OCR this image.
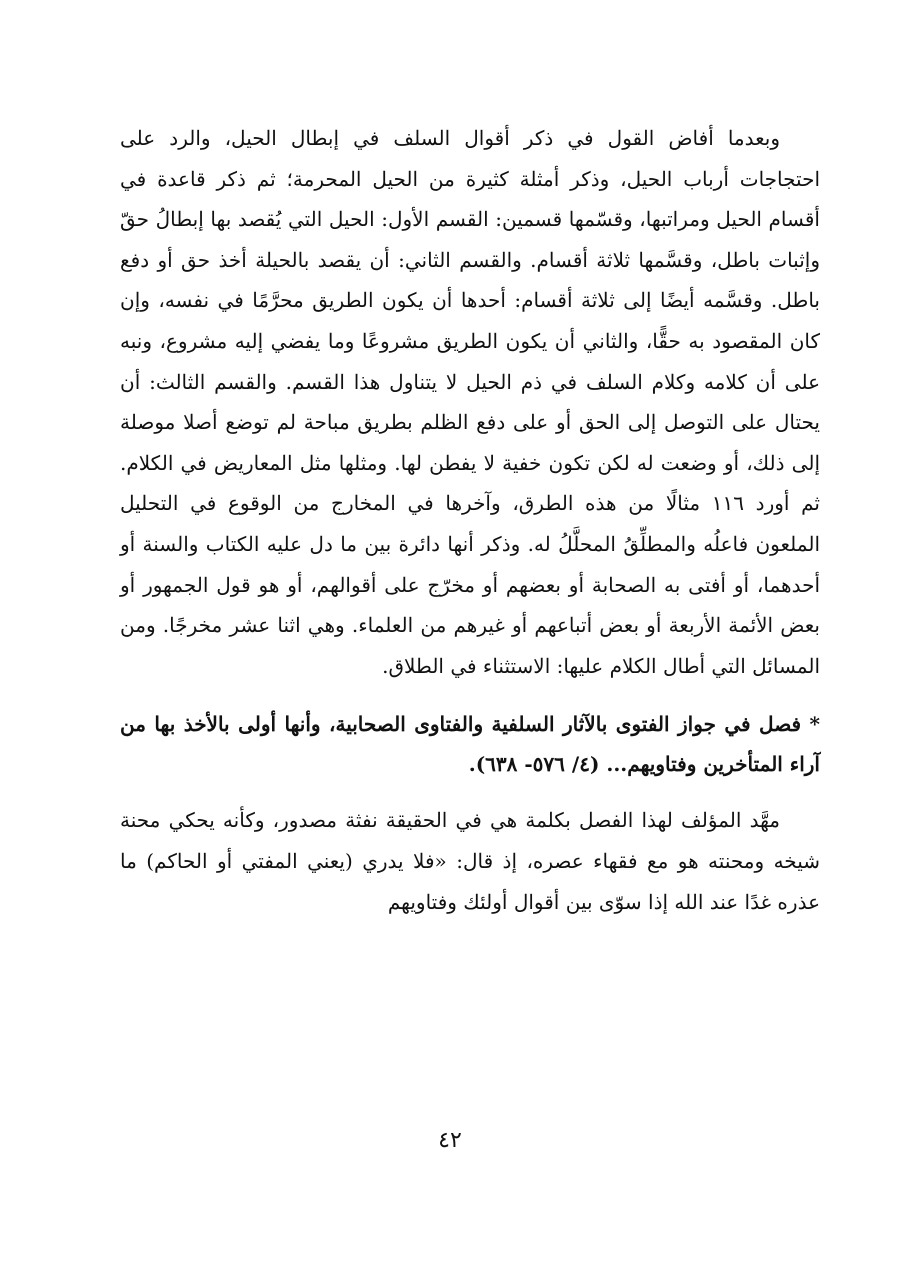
وبعدما أفاض القول في ذكر أقوال السلف في إبطال الحيل، والرد على احتجاجات أرباب الحيل، وذكر أمثلة كثيرة من الحيل المحرمة؛ ثم ذكر قاعدة في أقسام الحيل ومراتبها، وقسّمها قسمين: القسم الأول: الحيل التي يُقصد بها إبطالُ حقّ وإثبات باطل، وقسَّمها ثلاثة أقسام. والقسم الثاني: أن يقصد بالحيلة أخذ حق أو دفع باطل. وقسَّمه أيضًا إلى ثلاثة أقسام: أحدها أن يكون الطريق محرَّمًا في نفسه، وإن كان المقصود به حقًّا، والثاني أن يكون الطريق مشروعًا وما يفضي إليه مشروع، ونبه على أن كلامه وكلام السلف في ذم الحيل لا يتناول هذا القسم. والقسم الثالث: أن يحتال على التوصل إلى الحق أو على دفع الظلم بطريق مباحة لم توضع أصلا موصلة إلى ذلك، أو وضعت له لكن تكون خفية لا يفطن لها. ومثلها مثل المعاريض في الكلام. ثم أورد ١١٦ مثالًا من هذه الطرق، وآخرها في المخارج من الوقوع في التحليل الملعون فاعلُه والمطلِّقُ المحلَّلُ له. وذكر أنها دائرة بين ما دل عليه الكتاب والسنة أو أحدهما، أو أفتى به الصحابة أو بعضهم أو مخرّج على أقوالهم، أو هو قول الجمهور أو بعض الأئمة الأربعة أو بعض أتباعهم أو غيرهم من العلماء. وهي اثنا عشر مخرجًا. ومن المسائل التي أطال الكلام عليها: الاستثناء في الطلاق.

* فصل في جواز الفتوى بالآثار السلفية والفتاوى الصحابية، وأنها أولى بالأخذ بها من آراء المتأخرين وفتاويهم... (٤/ ٥٧٦- ٦٣٨).

مهَّد المؤلف لهذا الفصل بكلمة هي في الحقيقة نفثة مصدور، وكأنه يحكي محنة شيخه ومحنته هو مع فقهاء عصره، إذ قال: «فلا يدري (يعني المفتي أو الحاكم) ما عذره غدًا عند الله إذا سوّى بين أقوال أولئك وفتاويهم

٤٢
